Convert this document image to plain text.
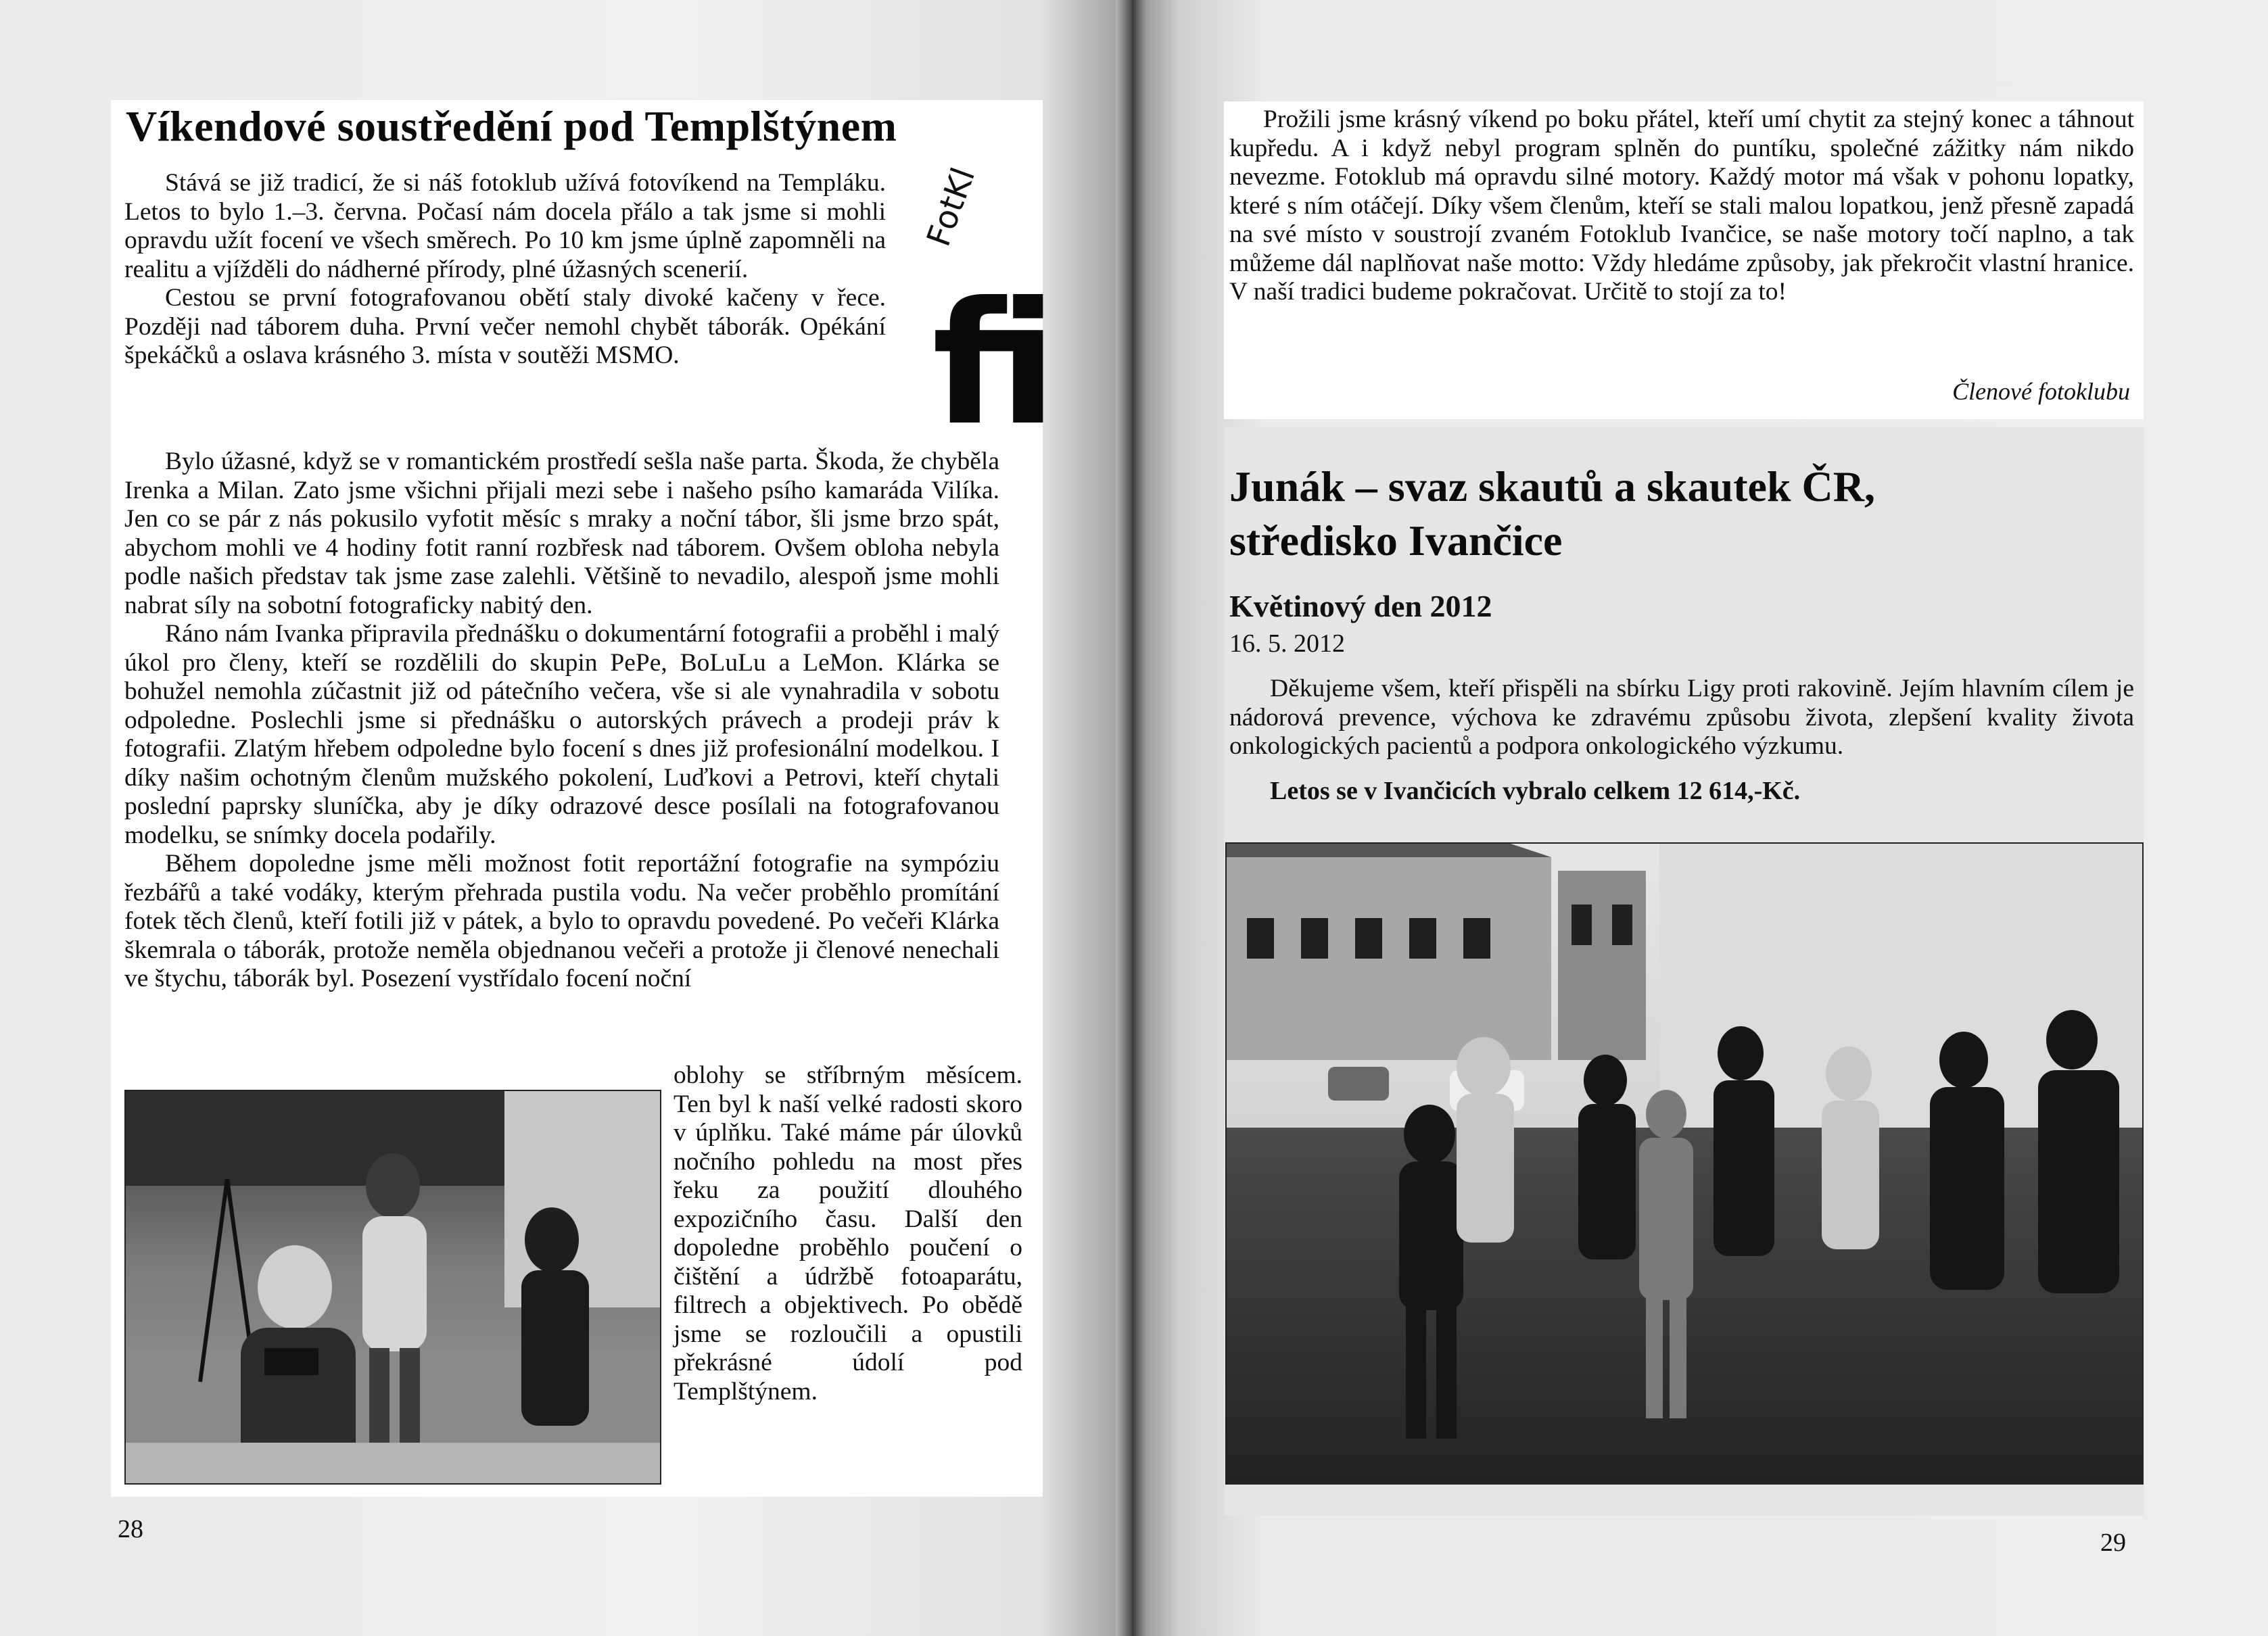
Víkendové soustředění pod Templštýnem

Stává se již tradicí, že si náš fotoklub užívá fotovíkend na Templáku. Letos to bylo 1.–3. června. Počasí nám docela přálo a tak jsme si mohli opravdu užít focení ve všech směrech. Po 10 km jsme úplně zapomněli na realitu a vjížděli do nádherné přírody, plné úžasných scenerií.

Cestou se první fotografovanou obětí staly divoké kačeny v řece. Později nad táborem duha. První večer nemohl chybět táborák. Opékání špekáčků a oslava krásného 3. místa v soutěži MSMO.

FotKl
fi

Bylo úžasné, když se v romantickém prostředí sešla naše parta. Škoda, že chyběla Irenka a Milan. Zato jsme všichni přijali mezi sebe i našeho psího kamaráda Vilíka. Jen co se pár z nás pokusilo vyfotit měsíc s mraky a noční tábor, šli jsme brzo spát, abychom mohli ve 4 hodiny fotit ranní rozbřesk nad táborem. Ovšem obloha nebyla podle našich představ tak jsme zase zalehli. Většině to nevadilo, alespoň jsme mohli nabrat síly na sobotní fotograficky nabitý den.

Ráno nám Ivanka připravila přednášku o dokumentární fotografii a proběhl i malý úkol pro členy, kteří se rozdělili do skupin PePe, BoLuLu a LeMon. Klárka se bohužel nemohla zúčastnit již od pátečního večera, vše si ale vynahradila v sobotu odpoledne. Poslechli jsme si přednášku o autorských právech a prodeji práv k fotografii. Zlatým hřebem odpoledne bylo focení s dnes již profesionální modelkou. I díky našim ochotným členům mužského pokolení, Luďkovi a Petrovi, kteří chytali poslední paprsky sluníčka, aby je díky odrazové desce posílali na fotografovanou modelku, se snímky docela podařily.

Během dopoledne jsme měli možnost fotit reportážní fotografie na sympóziu řezbářů a také vodáky, kterým přehrada pustila vodu. Na večer proběhlo promítání fotek těch členů, kteří fotili již v pátek, a bylo to opravdu povedené. Po večeři Klárka škemrala o táborák, protože neměla objednanou večeři a protože ji členové nenechali ve štychu, táborák byl. Posezení vystřídalo focení noční

oblohy se stříbrným měsícem. Ten byl k naší velké radosti skoro v úplňku. Také máme pár úlovků nočního pohledu na most přes řeku za použití dlouhého expozičního času. Další den dopoledne proběhlo poučení o čištění a údržbě fotoaparátu, filtrech a objektivech. Po obědě jsme se rozloučili a opustili překrásné údolí pod Templštýnem.

28

Prožili jsme krásný víkend po boku přátel, kteří umí chytit za stejný konec a táhnout kupředu. A i když nebyl program splněn do puntíku, společné zážitky nám nikdo nevezme. Fotoklub má opravdu silné motory. Každý motor má však v pohonu lopatky, které s ním otáčejí. Díky všem členům, kteří se stali malou lopatkou, jenž přesně zapadá na své místo v soustrojí zvaném Fotoklub Ivančice, se naše motory točí naplno, a tak můžeme dál naplňovat naše motto: Vždy hledáme způsoby, jak překročit vlastní hranice. V naší tradici budeme pokračovat. Určitě to stojí za to!

Členové fotoklubu
Junák – svaz skautů a skautek ČR,
středisko Ivančice
Květinový den 2012
16. 5. 2012

Děkujeme všem, kteří přispěli na sbírku Ligy proti rakovině. Jejím hlavním cílem je nádorová prevence, výchova ke zdravému způsobu života, zlepšení kvality života onkologických pacientů a podpora onkologického výzkumu.

Letos se v Ivančicích vybralo celkem 12 614,-Kč.
29
